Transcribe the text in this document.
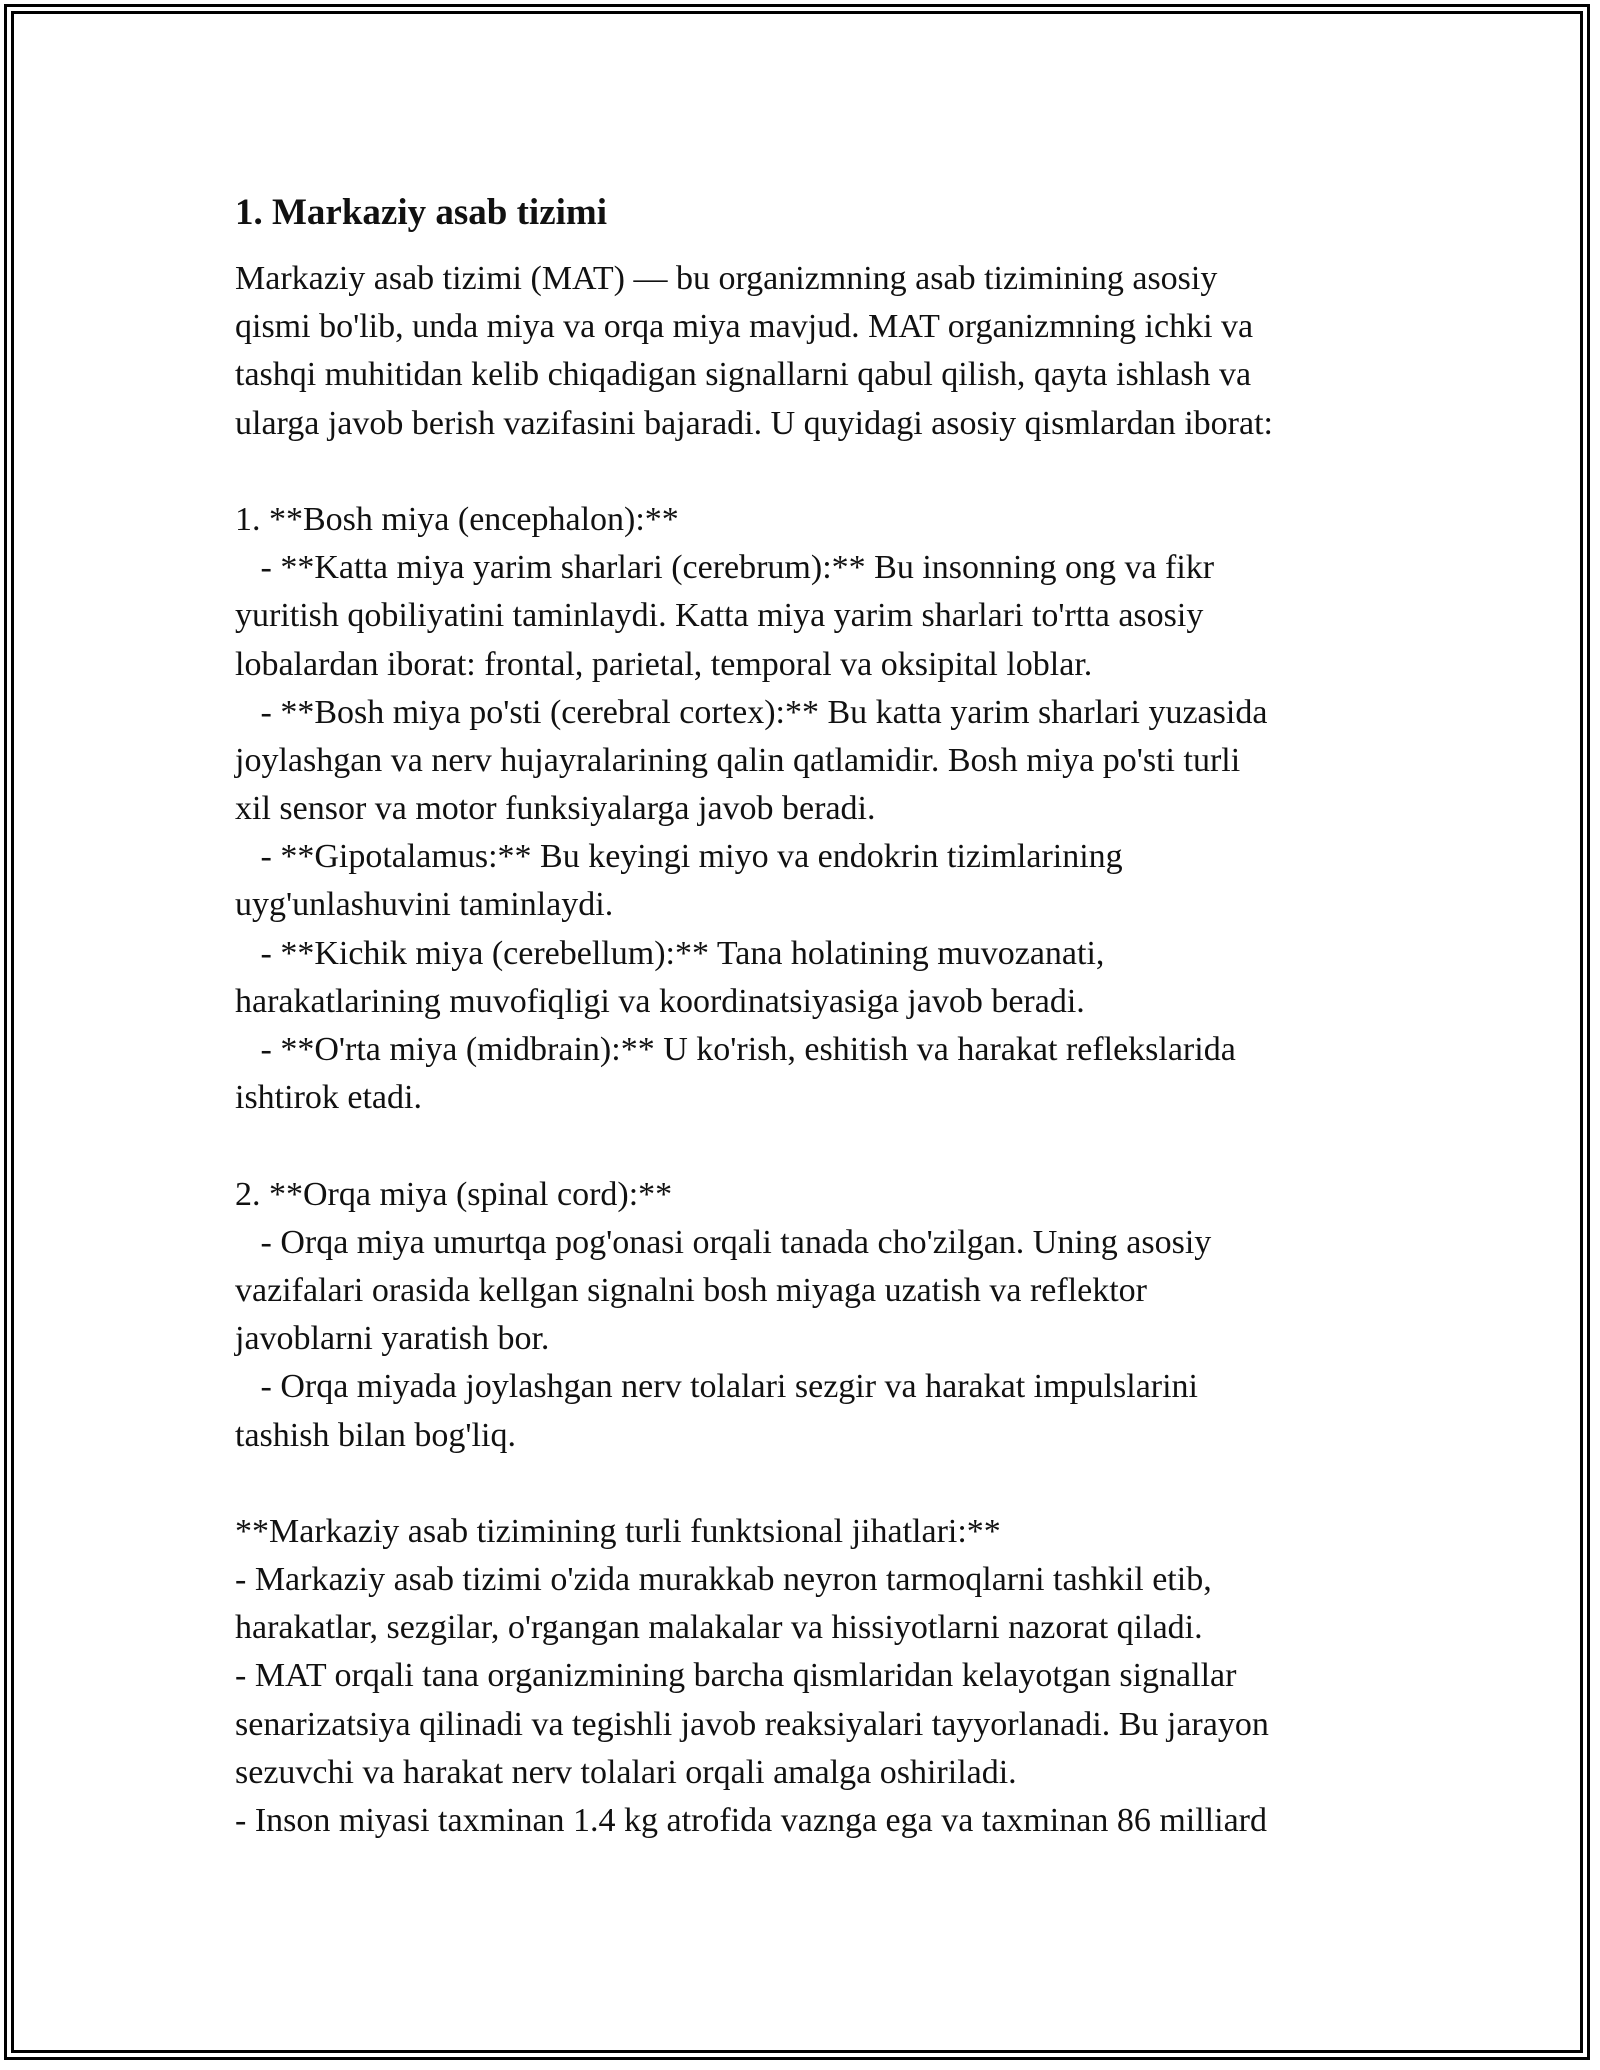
1. Markaziy asab tizimi
Markaziy asab tizimi (MAT) — bu organizmning asab tizimining asosiy
qismi bo'lib, unda miya va orqa miya mavjud. MAT organizmning ichki va
tashqi muhitidan kelib chiqadigan signallarni qabul qilish, qayta ishlash va
ularga javob berish vazifasini bajaradi. U quyidagi asosiy qismlardan iborat:
1. **Bosh miya (encephalon):**
- **Katta miya yarim sharlari (cerebrum):** Bu insonning ong va fikr
yuritish qobiliyatini taminlaydi. Katta miya yarim sharlari to'rtta asosiy
lobalardan iborat: frontal, parietal, temporal va oksipital loblar.
- **Bosh miya po'sti (cerebral cortex):** Bu katta yarim sharlari yuzasida
joylashgan va nerv hujayralarining qalin qatlamidir. Bosh miya po'sti turli
xil sensor va motor funksiyalarga javob beradi.
- **Gipotalamus:** Bu keyingi miyo va endokrin tizimlarining
uyg'unlashuvini taminlaydi.
- **Kichik miya (cerebellum):** Tana holatining muvozanati,
harakatlarining muvofiqligi va koordinatsiyasiga javob beradi.
- **O'rta miya (midbrain):** U ko'rish, eshitish va harakat reflekslarida
ishtirok etadi.
2. **Orqa miya (spinal cord):**
- Orqa miya umurtqa pog'onasi orqali tanada cho'zilgan. Uning asosiy
vazifalari orasida kellgan signalni bosh miyaga uzatish va reflektor
javoblarni yaratish bor.
- Orqa miyada joylashgan nerv tolalari sezgir va harakat impulslarini
tashish bilan bog'liq.
**Markaziy asab tizimining turli funktsional jihatlari:**
- Markaziy asab tizimi o'zida murakkab neyron tarmoqlarni tashkil etib,
harakatlar, sezgilar, o'rgangan malakalar va hissiyotlarni nazorat qiladi.
- MAT orqali tana organizmining barcha qismlaridan kelayotgan signallar
senarizatsiya qilinadi va tegishli javob reaksiyalari tayyorlanadi. Bu jarayon
sezuvchi va harakat nerv tolalari orqali amalga oshiriladi.
- Inson miyasi taxminan 1.4 kg atrofida vaznga ega va taxminan 86 milliard
